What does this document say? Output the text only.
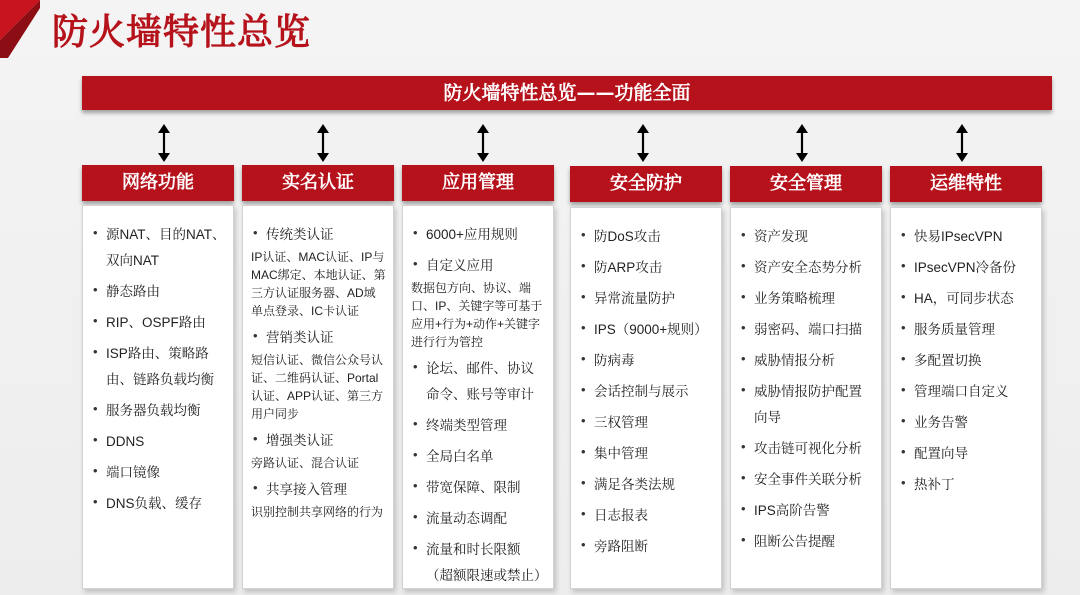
防火墙特性总览
防火墙特性总览——功能全面
网络功能
• 源NAT、目的NAT、双向NAT
• 静态路由
• RIP、OSPF路由
• ISP路由、策略路由、链路负载均衡
• 服务器负载均衡
• DDNS
• 端口镜像
• DNS负载、缓存
实名认证
• 传统类认证
IP认证、MAC认证、IP与MAC绑定、本地认证、第三方认证服务器、AD域单点登录、IC卡认证
• 营销类认证
短信认证、微信公众号认证、二维码认证、Portal认证、APP认证、第三方用户同步
• 增强类认证
旁路认证、混合认证
• 共享接入管理
识别控制共享网络的行为
应用管理
• 6000+应用规则
• 自定义应用
数据包方向、协议、端口、IP、关键字等可基于应用+行为+动作+关键字进行行为管控
• 论坛、邮件、协议命令、账号等审计
• 终端类型管理
• 全局白名单
• 带宽保障、限制
• 流量动态调配
• 流量和时长限额（超额限速或禁止）
安全防护
• 防DoS攻击
• 防ARP攻击
• 异常流量防护
• IPS（9000+规则）
• 防病毒
• 会话控制与展示
• 三权管理
• 集中管理
• 满足各类法规
• 日志报表
• 旁路阻断
安全管理
• 资产发现
• 资产安全态势分析
• 业务策略梳理
• 弱密码、端口扫描
• 威胁情报分析
• 威胁情报防护配置向导
• 攻击链可视化分析
• 安全事件关联分析
• IPS高阶告警
• 阻断公告提醒
运维特性
• 快易IPsecVPN
• IPsecVPN冷备份
• HA，可同步状态
• 服务质量管理
• 多配置切换
• 管理端口自定义
• 业务告警
• 配置向导
• 热补丁
